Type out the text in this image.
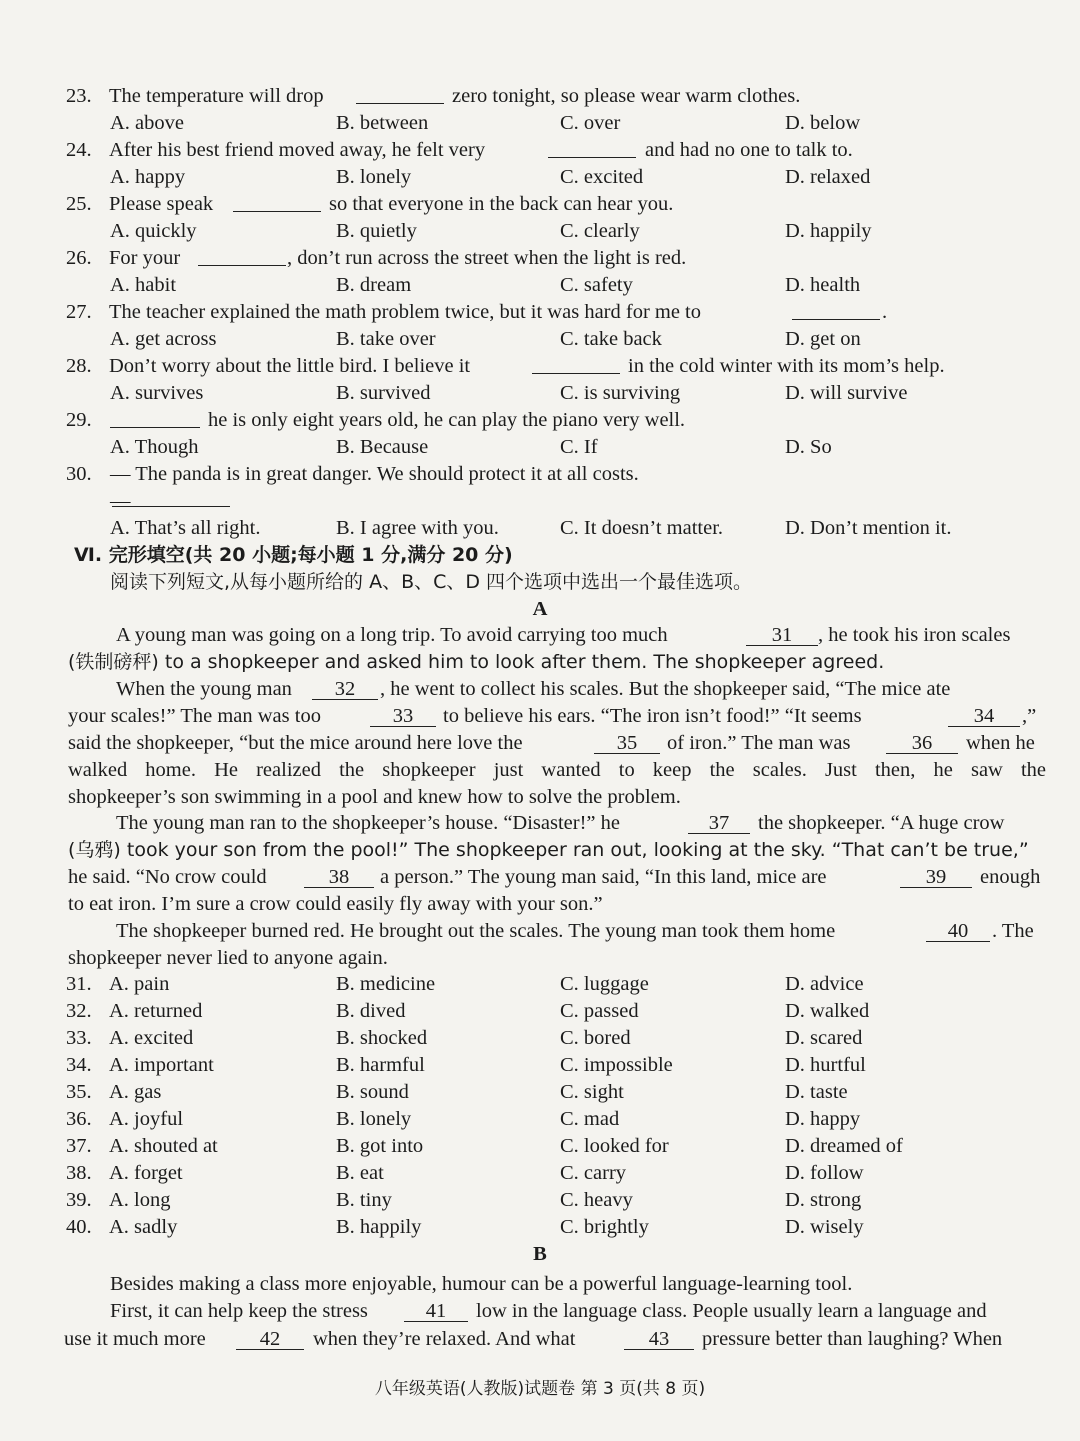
23. The temperature will drop	zero tonight, so please wear warm clothes.
A. above	B. between	C. over	D. below
24. After his best friend moved away, he felt very	and had no one to talk to.
A. happy	B. lonely	C. excited	D. relaxed
25. Please speak	so that everyone in the back can hear you.
A. quickly	B. quietly	C. clearly	D. happily
26. For your	, don’t run across the street when the light is red.
A. habit	B. dream	C. safety	D. health
27. The teacher explained the math problem twice, but it was hard for me to	.
A. get across	B. take over	C. take back	D. get on
28. Don’t worry about the little bird. I believe it	in the cold winter with its mom’s help.
A. survives	B. survived	C. is surviving	D. will survive
29.	he is only eight years old, he can play the piano very well.
A. Though	B. Because	C. If	D. So
30. — The panda is in great danger. We should protect it at all costs.
—
A. That’s all right.	B. I agree with you.	C. It doesn’t matter.	D. Don’t mention it.
Ⅵ. 完形填空(共 20 小题;每小题 1 分,满分 20 分)
阅读下列短文,从每小题所给的 A、B、C、D 四个选项中选出一个最佳选项。
A
A young man was going on a long trip. To avoid carrying too much	31	, he took his iron scales
(铁制磅秤) to a shopkeeper and asked him to look after them. The shopkeeper agreed.
When the young man	32	, he went to collect his scales. But the shopkeeper said, “The mice ate
your scales!” The man was too	33	to believe his ears. “The iron isn’t food!” “It seems	34	,”
said the shopkeeper, “but the mice around here love the	35	of iron.” The man was	36	when he
walked home. He realized the shopkeeper just wanted to keep the scales. Just then, he saw the
shopkeeper’s son swimming in a pool and knew how to solve the problem.
The young man ran to the shopkeeper’s house. “Disaster!” he	37	the shopkeeper. “A huge crow
(乌鸦) took your son from the pool!” The shopkeeper ran out, looking at the sky. “That can’t be true,”
he said. “No crow could	38	a person.” The young man said, “In this land, mice are	39	enough
to eat iron. I’m sure a crow could easily fly away with your son.”
The shopkeeper burned red. He brought out the scales. The young man took them home	40	. The
shopkeeper never lied to anyone again.
31. A. pain	B. medicine	C. luggage	D. advice
32. A. returned	B. dived	C. passed	D. walked
33. A. excited	B. shocked	C. bored	D. scared
34. A. important	B. harmful	C. impossible	D. hurtful
35. A. gas	B. sound	C. sight	D. taste
36. A. joyful	B. lonely	C. mad	D. happy
37. A. shouted at	B. got into	C. looked for	D. dreamed of
38. A. forget	B. eat	C. carry	D. follow
39. A. long	B. tiny	C. heavy	D. strong
40. A. sadly	B. happily	C. brightly	D. wisely
B
Besides making a class more enjoyable, humour can be a powerful language-learning tool.
First, it can help keep the stress	41	low in the language class. People usually learn a language and
use it much more	42	when they’re relaxed. And what	43	pressure better than laughing? When
八年级英语(人教版)试题卷 第 3 页(共 8 页)
